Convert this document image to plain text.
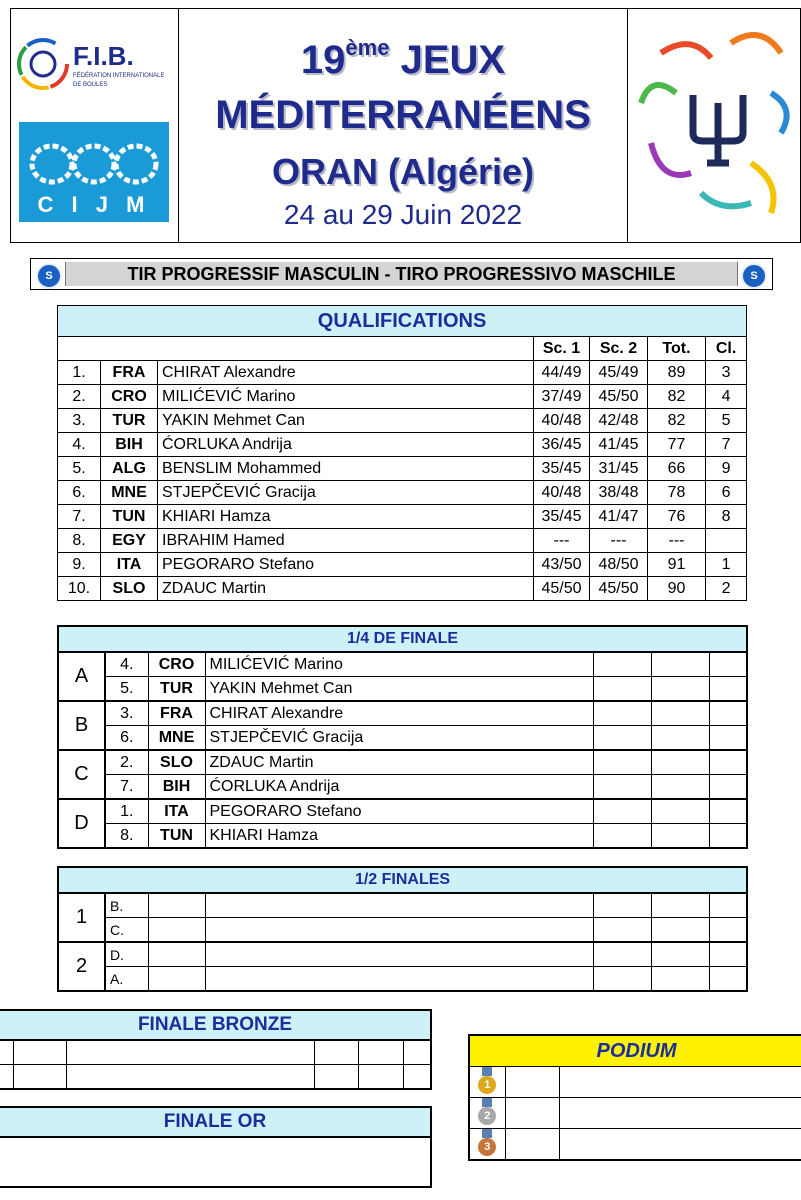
F.I.B.
FÉDÉRATION INTERNATIONALE
DE BOULES
C I J M
19ème JEUX
MÉDITERRANÉENS
ORAN (Algérie)
24 au 29 Juin 2022
S	TIR PROGRESSIF MASCULIN - TIRO PROGRESSIVO MASCHILE	S
QUALIFICATIONS						
			Sc. 1	Sc. 2	Tot.	Cl.
1.	FRA	CHIRAT Alexandre	44/49	45/49	89	3
2.	CRO	MILIĆEVIĆ Marino	37/49	45/50	82	4
3.	TUR	YAKIN Mehmet Can	40/48	42/48	82	5
4.	BIH	ĆORLUKA Andrija	36/45	41/45	77	7
5.	ALG	BENSLIM Mohammed	35/45	31/45	66	9
6.	MNE	STJEPČEVIĆ Gracija	40/48	38/48	78	6
7.	TUN	KHIARI Hamza	35/45	41/47	76	8
8.	EGY	IBRAHIM Hamed	---	---	---	
9.	ITA	PEGORARO Stefano	43/50	48/50	91	1
10.	SLO	ZDAUC Martin	45/50	45/50	90	2
1/4 DE FINALE						
A	4.	CRO	MILIĆEVIĆ Marino			
	5.	TUR	YAKIN Mehmet Can			
B	3.	FRA	CHIRAT Alexandre			
	6.	MNE	STJEPČEVIĆ Gracija			
C	2.	SLO	ZDAUC Martin			
	7.	BIH	ĆORLUKA Andrija			
D	1.	ITA	PEGORARO Stefano			
	8.	TUN	KHIARI Hamza			
1/2 FINALES						
1	B.					
	C.					
2	D.					
	A.					
FINALE BRONZE					

FINALE OR

PODIUM		

1		

2		

3		
